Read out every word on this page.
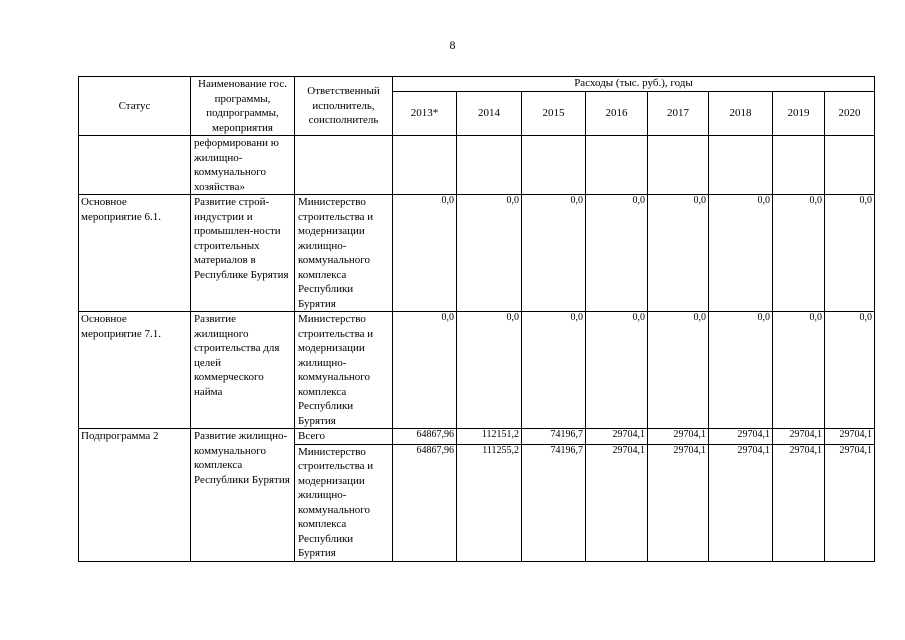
8
Статус	Наименование гос. программы, подпрограммы, мероприятия	Ответственный исполнитель, соисполнитель	Расходы (тыс. руб.), годы							
			2013*	2014	2015	2016	2017	2018	2019	2020
	реформировани ю жилищно-коммунального хозяйства»									
Основное мероприятие 6.1.	Развитие строй-индустрии и промышлен-ности строительных материалов в Республике Бурятия	Министерство строительства и модернизации жилищно-коммунального комплекса Республики Бурятия	0,0	0,0	0,0	0,0	0,0	0,0	0,0	0,0
Основное мероприятие 7.1.	Развитие жилищного строительства для целей коммерческого найма	Министерство строительства и модернизации жилищно-коммунального комплекса Республики Бурятия	0,0	0,0	0,0	0,0	0,0	0,0	0,0	0,0
Подпрограмма 2	Развитие жилищно-коммунального комплекса Республики Бурятия	Всего	64867,96	112151,2	74196,7	29704,1	29704,1	29704,1	29704,1	29704,1
		Министерство строительства и модернизации жилищно-коммунального комплекса Республики Бурятия	64867,96	111255,2	74196,7	29704,1	29704,1	29704,1	29704,1	29704,1
